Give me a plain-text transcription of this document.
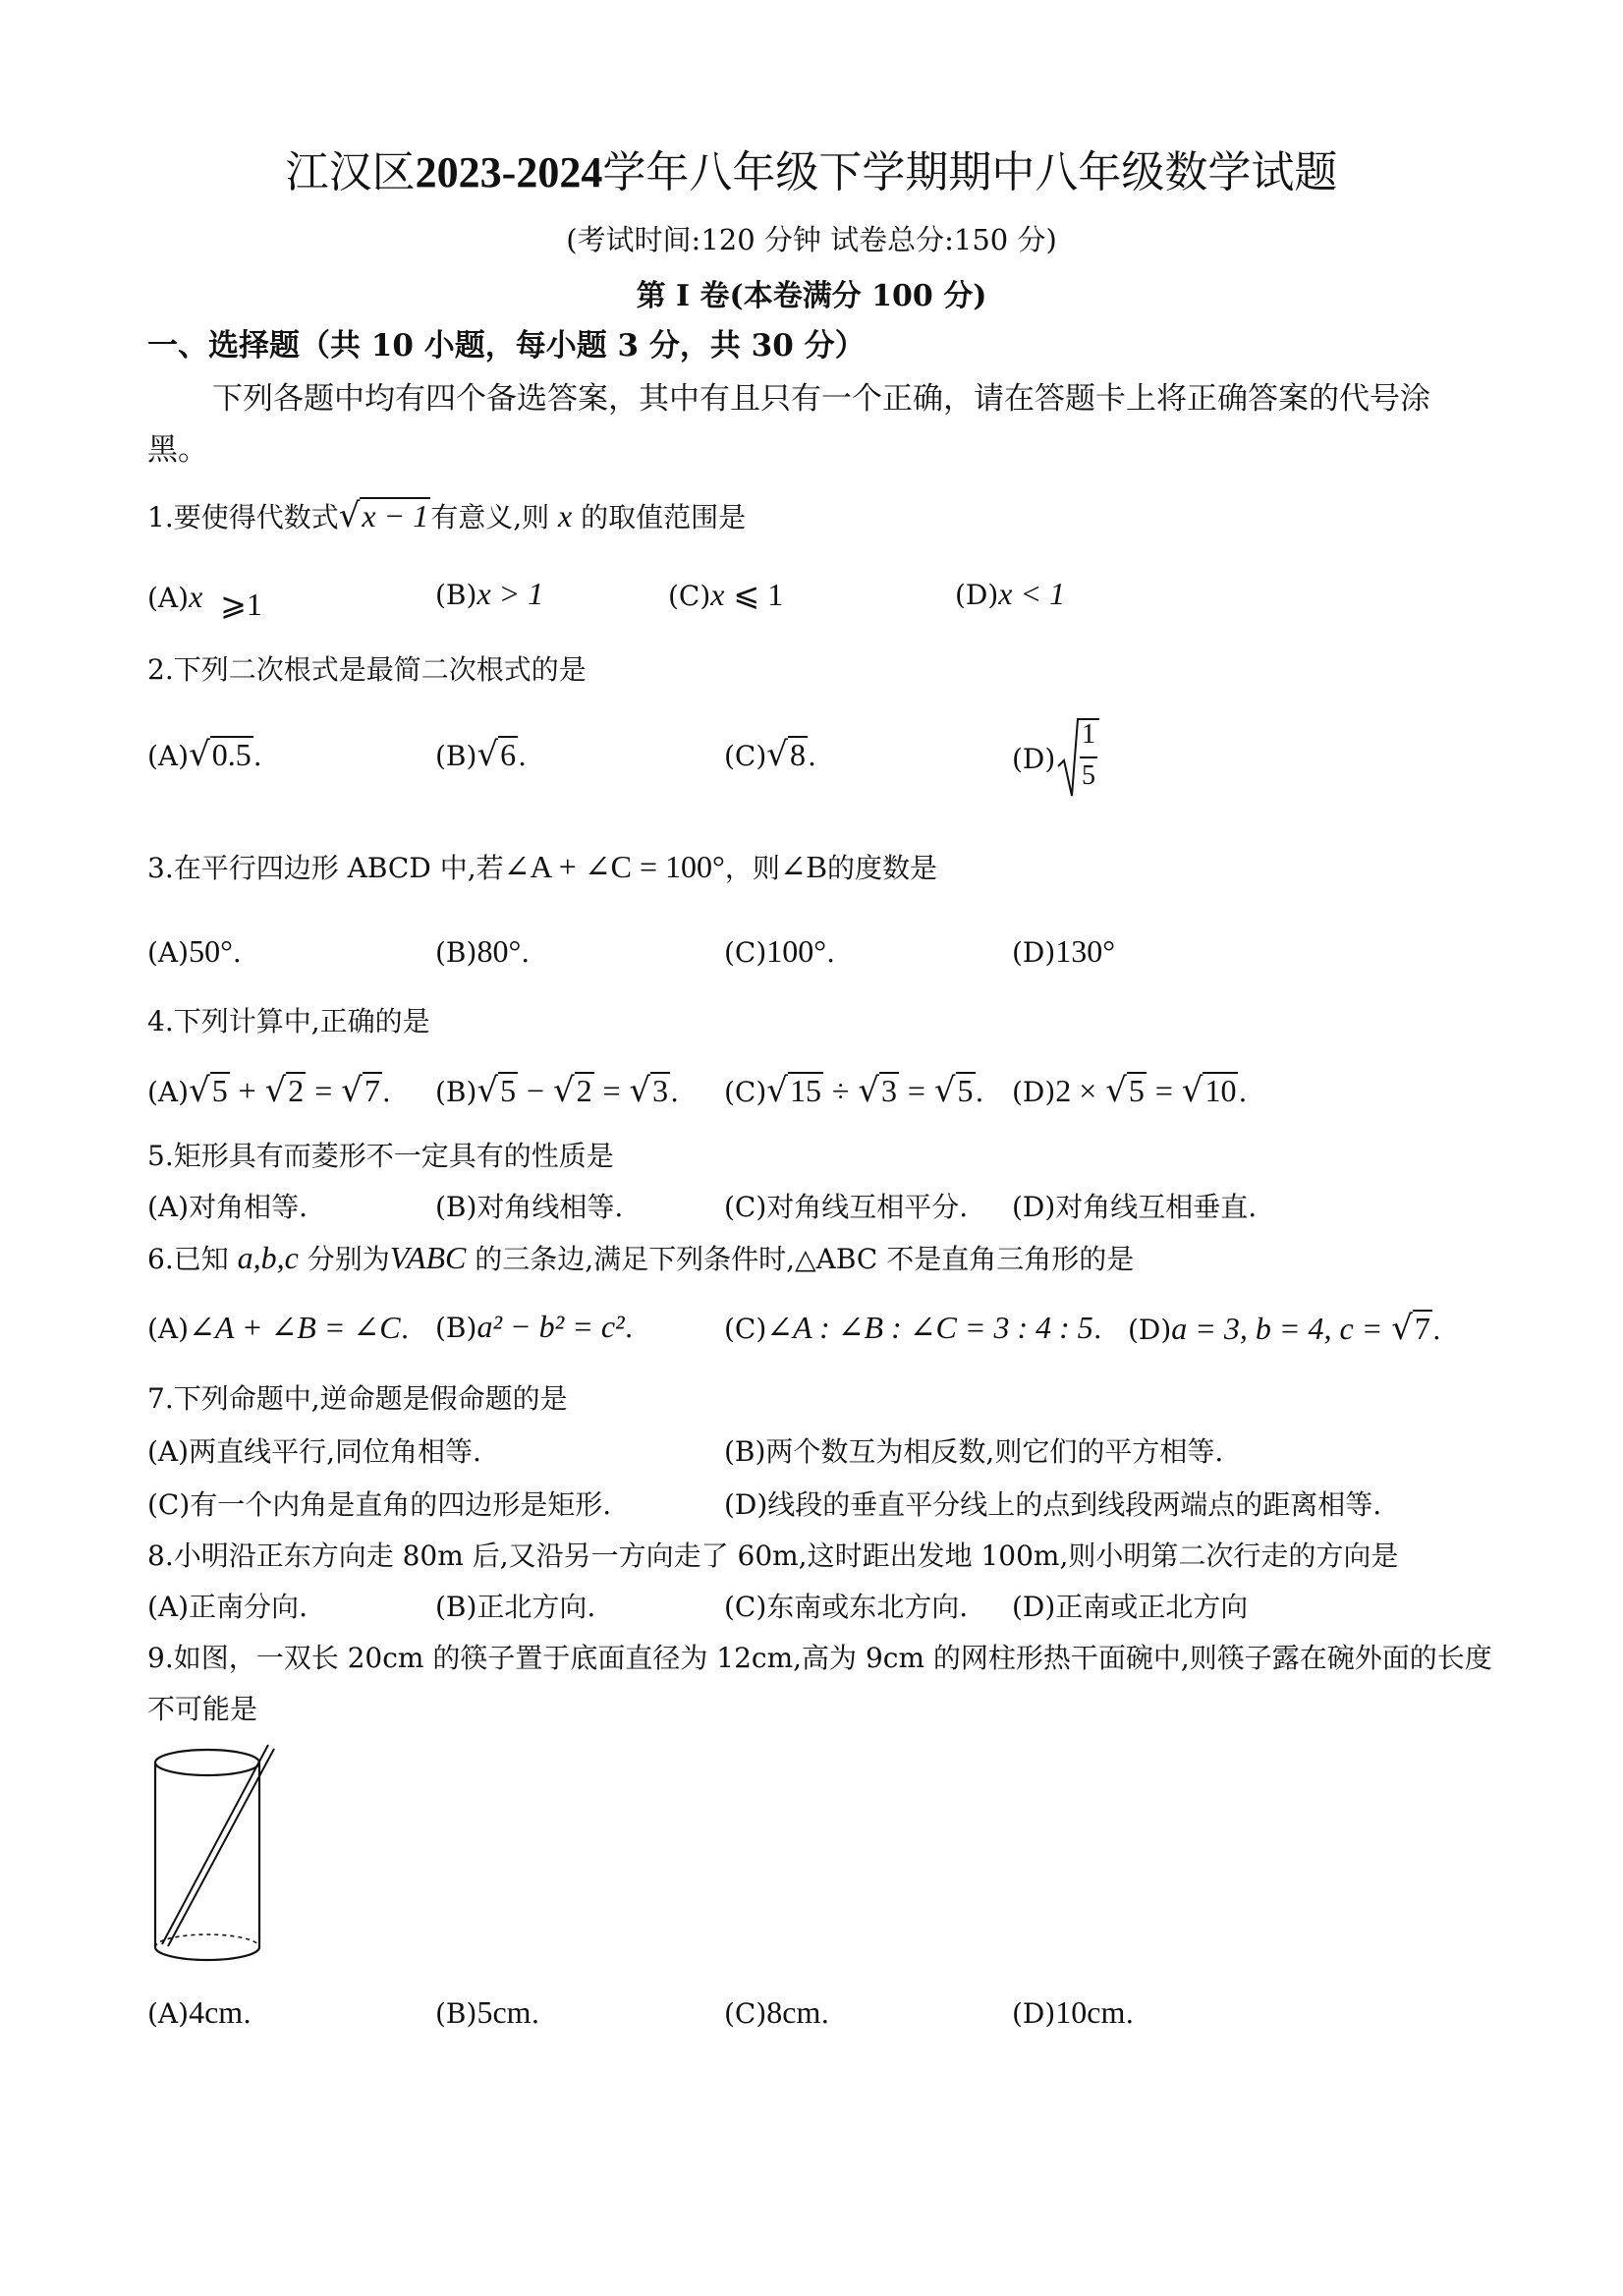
江汉区2023-2024学年八年级下学期期中八年级数学试题
(考试时间:120 分钟 试卷总分:150 分)
第 I 卷(本卷满分 100 分)
一、选择题（共 10 小题，每小题 3 分，共 30 分）
下列各题中均有四个备选答案，其中有且只有一个正确，请在答题卡上将正确答案的代号涂黑。
1.要使得代数式√x − 1有意义,则 x 的取值范围是
(A)x ⩾1	(B)x > 1	(C)x ⩽ 1	(D)x < 1
2.下列二次根式是最简二次根式的是
(A)√0.5.	(B)√6.	(C)√8.	(D)
1
5
3.在平行四边形 ABCD 中,若∠A + ∠C = 100°，则∠B的度数是
(A)50°.	(B)80°.	(C)100°.	(D)130°
4.下列计算中,正确的是
(A)√5 + √2 = √7. (B)√5 − √2 = √3. (C)√15 ÷ √3 = √5. (D)2 × √5 = √10.
5.矩形具有而菱形不一定具有的性质是
(A)对角相等.	(B)对角线相等.	(C)对角线互相平分. (D)对角线互相垂直.
6.已知 a,b,c 分别为VABC 的三条边,满足下列条件时,△ABC 不是直角三角形的是
(A)∠A + ∠B = ∠C. (B)a² − b² = c².	(C)∠A : ∠B : ∠C = 3 : 4 : 5. (D)a = 3, b = 4, c = √7.
7.下列命题中,逆命题是假命题的是
(A)两直线平行,同位角相等.	(B)两个数互为相反数,则它们的平方相等.
(C)有一个内角是直角的四边形是矩形.	(D)线段的垂直平分线上的点到线段两端点的距离相等.
8.小明沿正东方向走 80m 后,又沿另一方向走了 60m,这时距出发地 100m,则小明第二次行走的方向是
(A)正南分向.	(B)正北方向.	(C)东南或东北方向. (D)正南或正北方向
9.如图，一双长 20cm 的筷子置于底面直径为 12cm,高为 9cm 的网柱形热干面碗中,则筷子露在碗外面的长度
不可能是
(A)4cm.	(B)5cm.	(C)8cm.	(D)10cm.
